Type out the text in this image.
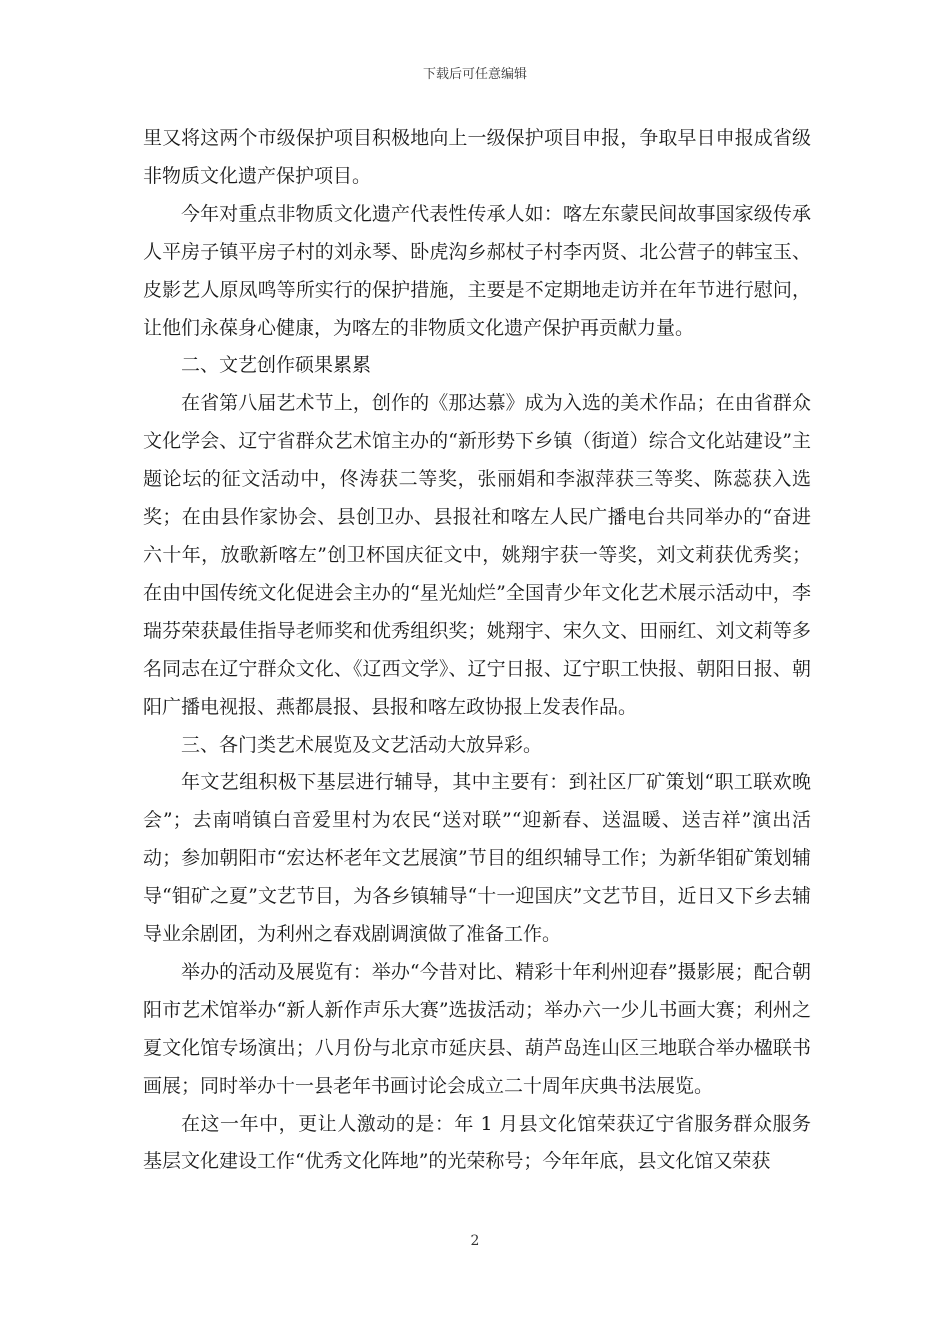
下载后可任意编辑

里又将这两个市级保护项目积极地向上一级保护项目申报，争取早日申报成省级非物质文化遗产保护项目。

今年对重点非物质文化遗产代表性传承人如：喀左东蒙民间故事国家级传承人平房子镇平房子村的刘永琴、卧虎沟乡郝杖子村李丙贤、北公营子的韩宝玉、皮影艺人原凤鸣等所实行的保护措施，主要是不定期地走访并在年节进行慰问，让他们永葆身心健康，为喀左的非物质文化遗产保护再贡献力量。

二、文艺创作硕果累累

在省第八届艺术节上，创作的《那达慕》成为入选的美术作品；在由省群众文化学会、辽宁省群众艺术馆主办的“新形势下乡镇（街道）综合文化站建设”主题论坛的征文活动中，佟涛获二等奖，张丽娟和李淑萍获三等奖、陈蕊获入选奖；在由县作家协会、县创卫办、县报社和喀左人民广播电台共同举办的“奋进六十年，放歌新喀左”创卫杯国庆征文中，姚翔宇获一等奖，刘文莉获优秀奖；在由中国传统文化促进会主办的“星光灿烂”全国青少年文化艺术展示活动中，李瑞芬荣获最佳指导老师奖和优秀组织奖；姚翔宇、宋久文、田丽红、刘文莉等多名同志在辽宁群众文化、《辽西文学》、辽宁日报、辽宁职工快报、朝阳日报、朝阳广播电视报、燕都晨报、县报和喀左政协报上发表作品。

三、各门类艺术展览及文艺活动大放异彩。

年文艺组积极下基层进行辅导，其中主要有：到社区厂矿策划“职工联欢晚会”；去南哨镇白音爱里村为农民“送对联”“迎新春、送温暖、送吉祥”演出活动；参加朝阳市“宏达杯老年文艺展演”节目的组织辅导工作；为新华钼矿策划辅导“钼矿之夏”文艺节目，为各乡镇辅导“十一迎国庆”文艺节目，近日又下乡去辅导业余剧团，为利州之春戏剧调演做了准备工作。

举办的活动及展览有：举办“今昔对比、精彩十年利州迎春”摄影展；配合朝阳市艺术馆举办“新人新作声乐大赛”选拔活动；举办六一少儿书画大赛；利州之夏文化馆专场演出；八月份与北京市延庆县、葫芦岛连山区三地联合举办楹联书画展；同时举办十一县老年书画讨论会成立二十周年庆典书法展览。

在这一年中，更让人激动的是：年 1 月县文化馆荣获辽宁省服务群众服务基层文化建设工作“优秀文化阵地”的光荣称号；今年年底，县文化馆又荣获

2
